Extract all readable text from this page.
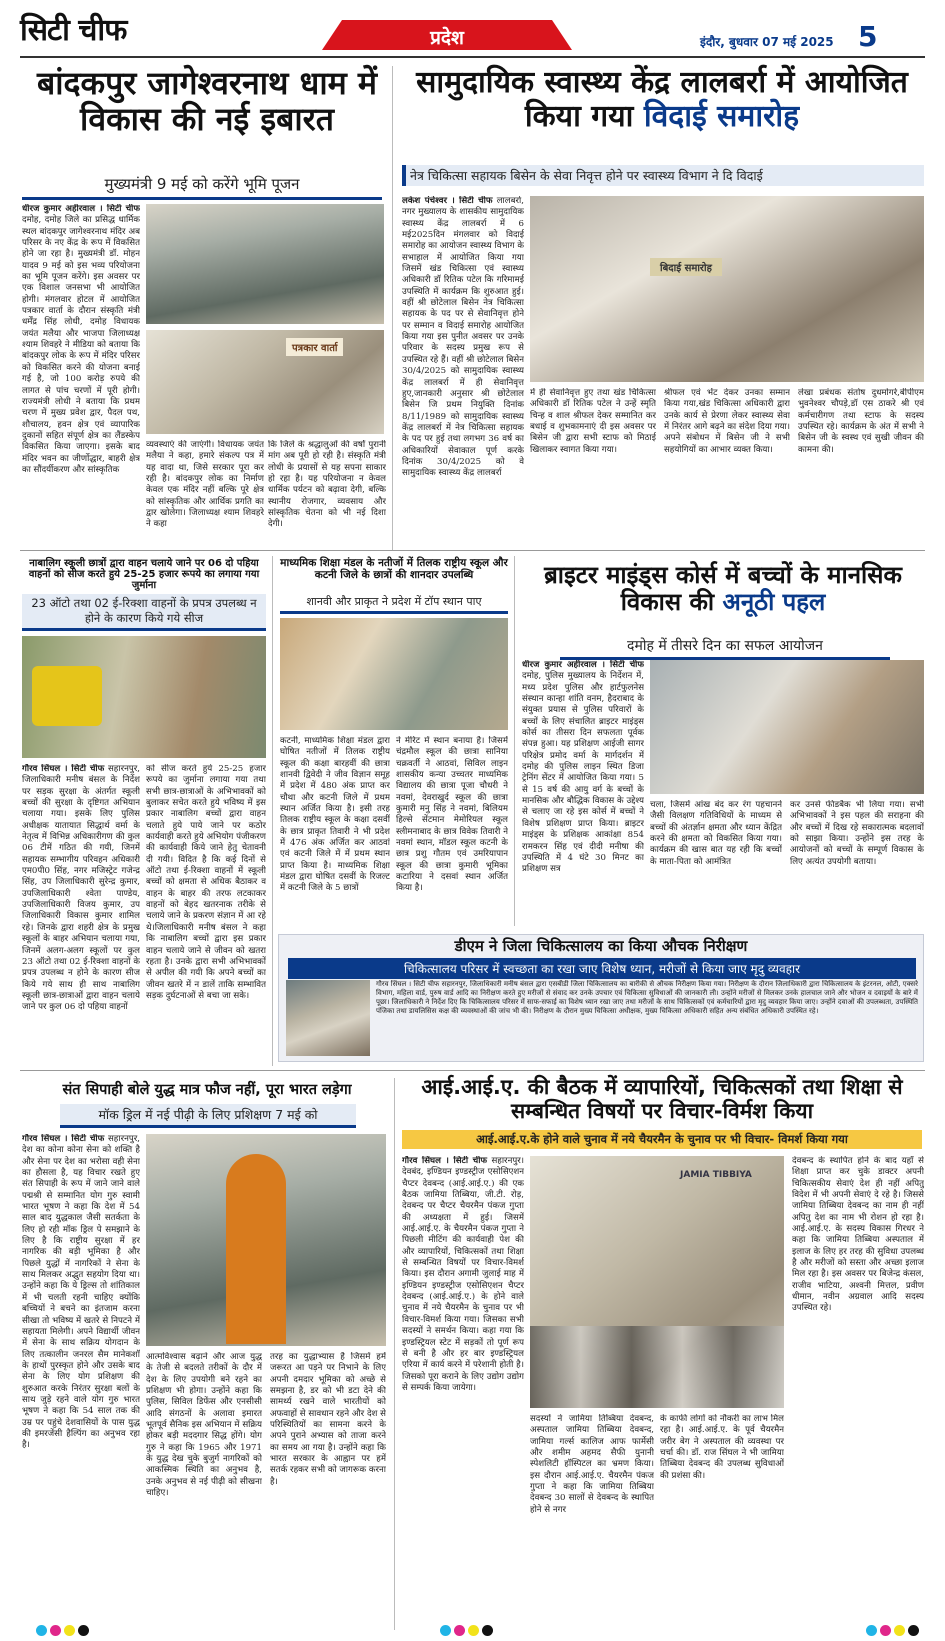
सिटी चीफ	प्रदेश	इंदौर, बुधवार 07 मई 2025 5
बांदकपुर जागेश्वरनाथ धाम में विकास की नई इबारत
मुख्यमंत्री 9 मई को करेंगे भूमि पूजन
धीरज कुमार अहीरवाल । सिटी चीफ दमोह, दमोह जिले का प्रसिद्ध धार्मिक स्थल बांदकपुर जागेश्वरनाथ मंदिर अब परिसर के नए केंद्र के रूप में विकसित होने जा रहा है। मुख्यमंत्री डॉ. मोहन यादव 9 मई को इस भव्य परियोजना का भूमि पूजन करेंगे। इस अवसर पर एक विशाल जनसभा भी आयोजित होगी। मंगलवार होटल में आयोजित पत्रकार वार्ता के दौरान संस्कृति मंत्री धर्मेंद्र सिंह लोधी, दमोह विधायक जयंत मलैया और भाजपा जिलाध्यक्ष श्याम शिवहरे ने मीडिया को बताया कि बांदकपुर लोक के रूप में मंदिर परिसर को विकसित करने की योजना बनाई गई है, जो 100 करोड़ रुपये की लागत से पांच चरणों में पूरी होगी। राज्यमंत्री लोधी ने बताया कि प्रथम चरण में मुख्य प्रवेश द्वार, पैदल पथ, शौचालय, हवन क्षेत्र एवं व्यापारिक दुकानों सहित संपूर्ण क्षेत्र का लैंडस्केप विकसित किया जाएगा। इसके बाद मंदिर भवन का जीर्णोद्धार, बाहरी क्षेत्र का सौंदर्यीकरण और सांस्कृतिक
पत्रकार वार्ता
व्यवस्थाएं की जाएंगी। विधायक जयंत मलैया ने कहा, हमारे संकल्प पत्र में यह वादा था, जिसे सरकार पूरा कर रही है। बांदकपुर लोक का निर्माण केवल एक मंदिर नहीं बल्कि पूरे क्षेत्र को सांस्कृतिक और आर्थिक प्रगति का द्वार खोलेगा। जिलाध्यक्ष श्याम शिवहरे ने कहा
कि जिले के श्रद्धालुओं की वर्षों पुरानी मांग अब पूरी हो रही है। संस्कृति मंत्री लोधी के प्रयासों से यह सपना साकार हो रहा है। यह परियोजना न केवल धार्मिक पर्यटन को बढ़ावा देगी, बल्कि स्थानीय रोजगार, व्यवसाय और सांस्कृतिक चेतना को भी नई दिशा देगी।
सामुदायिक स्वास्थ्य केंद्र लालबर्रा में आयोजित किया गया विदाई समारोह
नेत्र चिकित्सा सहायक बिसेन के सेवा निवृत्त होने पर स्वास्थ्य विभाग ने दि विदाई
लकेश पंचेश्वर । सिटी चीफ लालबर्रा, नगर मुख्यालय के शासकीय सामुदायिक स्वास्थ्य केंद्र लालबर्रा में 6 मई2025दिन मंगलवार को विदाई समारोह का आयोजन स्वास्थ्य विभाग के सभाहाल में आयोजित किया गया जिसमें खंड चिकित्सा एवं स्वास्थ्य अधिकारी डॉ रितिक पटेल कि गरिमामई उपस्थिति में कार्यक्रम कि शुरुआत हुई। वहीं श्री छोटेलाल बिसेन नेत्र चिकित्सा सहायक के पद पर से सेवानिवृत्त होने पर सम्मान व विदाई समारोह आयोजित किया गया इस पुनीत अवसर पर उनके परिवार के सदस्य प्रमुख रूप से उपस्थित रहे हैं। वहीं श्री छोटेलाल बिसेन 30/4/2025 को सामुदायिक स्वास्थ्य केंद्र लालबर्रा में ही सेवानिवृत्त हुए,जानकारी अनुसार श्री छोटेलाल बिसेन जि प्रथम नियुक्ति दिनांक 8/11/1989 को सामुदायिक स्वास्थ्य केंद्र लालबर्रा में नेत्र चिकित्सा सहायक के पद पर हुई तथा लगभग 36 वर्ष का अधिकारियों सेवाकाल पूर्ण करके दिनांक 30/4/2025 को वे सामुदायिक स्वास्थ्य केंद्र लालबर्रा
बिदाई समारोह
में ही सेवानिवृत्त हुए तथा खंड चिकित्सा अधिकारी डॉ रितिक पटेल ने उन्हें स्मृति चिन्ह व शाल श्रीफल देकर सम्मानित कर बधाई व शुभकामनाएं दी इस अवसर पर बिसेन जी द्वारा सभी स्टाफ को मिठाई खिलाकर स्वागत किया गया।
श्रीफल एवं भेंट देकर उनका सम्मान किया गया,खंड चिकित्सा अधिकारी द्वारा उनके कार्य से प्रेरणा लेकर स्वास्थ्य सेवा में निरंतर आगे बढ़ने का संदेश दिया गया। अपने संबोधन में बिसेन जी ने सभी सहयोगियों का आभार व्यक्त किया।
लेखा प्रबंधक संतोष दुधमोगरे,बीपीएम भुवनेश्वर चौपड़े,डॉ एस ठाकरे श्री एवं कर्मचारीगण तथा स्टाफ के सदस्य उपस्थित रहे। कार्यक्रम के अंत में सभी ने बिसेन जी के स्वस्थ एवं सुखी जीवन की कामना की।
नाबालिग स्कूली छात्रों द्वारा वाहन चलाये जाने पर 06 दो पहिया वाहनों को सीज करते हुये 25-25 हजार रूपये का लगाया गया जुर्माना
23 ऑटो तथा 02 ई-रिक्शा वाहनों के प्रपत्र उपलब्ध न होने के कारण किये गये सीज
गौरव सिंघल । सिटी चीफ सहारनपुर, जिलाधिकारी मनीष बंसल के निर्देश पर सड़क सुरक्षा के अंतर्गत स्कूली बच्चों की सुरक्षा के दृष्टिगत अभियान चलाया गया। इसके लिए पुलिस अधीक्षक यातायात सिद्धार्थ वर्मा के नेतृत्व में विभिन्न अधिकारीगण की कुल 06 टीमें गठित की गयी, जिनमें सहायक सम्भागीय परिवहन अधिकारी एम0पी0 सिंह, नगर मजिस्ट्रेट गजेन्द्र सिंह, उप जिलाधिकारी सुरेन्द्र कुमार, उपजिलाधिकारी श्वेता पाण्डेय, उपजिलाधिकारी विजय कुमार, उप जिलाधिकारी विकास कुमार शामिल रहे। जिनके द्वारा शहरी क्षेत्र के प्रमुख स्कूलों के बाहर अभियान चलाया गया, जिनमें अलग-अलग स्कूलों पर कुल 23 ऑटो तथा 02 ई-रिक्शा वाहनों के प्रपत्र उपलब्ध न होने के कारण सीज किये गये साथ ही साथ नाबालिग स्कूली छात्र-छात्राओं द्वारा वाहन चलाये जाने पर कुल 06 दो पहिया वाहनों
को सीज करते हुये 25-25 हजार रूपये का जुर्माना लगाया गया तथा सभी छात्र-छात्राओं के अभिभावकों को बुलाकर सचेत करते हुये भविष्य में इस प्रकार नाबालिग बच्चों द्वारा वाहन चलाते हुये पाये जाने पर कठोर कार्यवाही करते हुये अभियोग पंजीकरण की कार्यवाही किये जाने हेतु चेतावनी दी गयी। विदित है कि कई दिनों से ऑटो तथा ई-रिक्शा वाहनों में स्कूली बच्चों को क्षमता से अधिक बैठाकर व वाहन के बाहर की तरफ लटकाकर वाहनों को बेहद खतरनाक तरीके से चलाये जाने के प्रकरण संज्ञान में आ रहे थे।जिलाधिकारी मनीष बंसल ने कहा कि नाबालिग बच्चों द्वारा इस प्रकार वाहन चलाये जाने से जीवन को खतरा रहता है। उनके द्वारा सभी अभिभावकों से अपील की गयी कि अपने बच्चों का जीवन खतरे में न डालें ताकि सम्भावित सड़क दुर्घटनाओं से बचा जा सके।
माध्यमिक शिक्षा मंडल के नतीजों में तिलक राष्ट्रीय स्कूल और कटनी जिले के छात्रों की शानदार उपलब्धि
शानवी और प्राकृत ने प्रदेश में टॉप स्थान पाए
कटनी, माध्यमिक शिक्षा मंडल द्वारा घोषित नतीजों में तिलक राष्ट्रीय स्कूल की कक्षा बारहवीं की छात्रा शानवी द्विवेदी ने जीव विज्ञान समूह में प्रदेश में 480 अंक प्राप्त कर चौथा और कटनी जिले में प्रथम स्थान अर्जित किया है। इसी तरह तिलक राष्ट्रीय स्कूल के कक्षा दसवीं के छात्र प्राकृत तिवारी ने भी प्रदेश में 476 अंक अर्जित कर आठवां एवं कटनी जिले में में प्रथम स्थान प्राप्त किया है। माध्यमिक शिक्षा मंडल द्वारा घोषित दसवीं के रिजल्ट में कटनी जिले के 5 छात्रों
ने मेरिट में स्थान बनाया है। जिसमें चंद्रमौल स्कूल की छात्रा सानिया चक्रवर्ती ने आठवां, सिविल लाइन शासकीय कन्या उच्चतर माध्यमिक विद्यालय की छात्रा पूजा चौधरी ने नवमां, देवराखुर्द स्कूल की छात्रा कुमारी मनु सिंह ने नवमां, बिलियम हिल्से सेंटमान मेमोरियल स्कूल स्लीमनाबाद के छात्र विवेक तिवारी ने नवमां स्थान, मॉडल स्कूल कटनी के छात्र प्रशु गौतम एवं उमरियापान स्कूल की छात्रा कुमारी भूमिका कटारिया ने दसवां स्थान अर्जित किया है।
ब्राइटर माइंड्स कोर्स में बच्चों के मानसिक विकास की अनूठी पहल
दमोह में तीसरे दिन का सफल आयोजन
धीरज कुमार अहीरवाल । सिटी चीफ दमोह, पुलिस मुख्यालय के निर्देशन में, मध्य प्रदेश पुलिस और हार्टफुलनेस संस्थान कान्हा शांति वनम, हैदराबाद के संयुक्त प्रयास से पुलिस परिवारों के बच्चों के लिए संचालित ब्राइटर माइंड्स कोर्स का तीसरा दिन सफलता पूर्वक संपन्न हुआ। यह प्रशिक्षण आईजी सागर परिक्षेत्र प्रमोद वर्मा के मार्गदर्शन में दमोह की पुलिस लाइन स्थित डिजा ट्रेनिंग सेंटर में आयोजित किया गया। 5 से 15 वर्ष की आयु वर्ग के बच्चों के मानसिक और बौद्धिक विकास के उद्देश्य से चलाए जा रहे इस कोर्स में बच्चों ने विशेष प्रशिक्षण प्राप्त किया। ब्राइटर माइंड्स के प्रशिक्षक आकांक्षा 854 रामकरन सिंह एवं दीदी मनीषा की उपस्थिति में 4 घंटे 30 मिनट का प्रशिक्षण सत्र
चला, जिसमें आंख बंद कर रंग पहचानने जैसी विलक्षण गतिविधियों के माध्यम से बच्चों की अंतर्ज्ञान क्षमता और ध्यान केंद्रित करने की क्षमता को विकसित किया गया। कार्यक्रम की खास बात यह रही कि बच्चों के माता-पिता को आमंत्रित
कर उनसे फीडबैक भी लिया गया। सभी अभिभावकों ने इस पहल की सराहना की और बच्चों में दिख रहे सकारात्मक बदलावों को साझा किया। उन्होंने इस तरह के आयोजनों को बच्चों के सम्पूर्ण विकास के लिए अत्यंत उपयोगी बताया।
डीएम ने जिला चिकित्सालय का किया औचक निरीक्षण
चिकित्सालय परिसर में स्वच्छता का रखा जाए विशेष ध्यान, मरीजों से किया जाए मृदु व्यवहार
गौरव सिंघल । सिटी चीफ सहारनपुर, जिलाधिकारी मनीष बंसल द्वारा एसबीडी जिला चिकित्सालय का बारीकी से औचक निरीक्षण किया गया। निरीक्षण के दौरान जिलाधिकारी द्वारा चिकित्सालय के इंटरनल, ओटी, एक्सरे विभाग, महिला वार्ड, पुरुष वार्ड आदि का निरीक्षण करते हुए मरीजों से संवाद कर उनके उपचार एवं चिकित्सा सुविधाओं की जानकारी ली। उन्होंने मरीजों से मिलकर उनके हालचाल जाने और भोजन व दवाइयों के बारे में पूछा। जिलाधिकारी ने निर्देश दिए कि चिकित्सालय परिसर में साफ-सफाई का विशेष ध्यान रखा जाए तथा मरीजों के साथ चिकित्सकों एवं कर्मचारियों द्वारा मृदु व्यवहार किया जाए। उन्होंने दवाओं की उपलब्धता, उपस्थिति पंजिका तथा डायलिसिस कक्ष की व्यवस्थाओं की जांच भी की। निरीक्षण के दौरान मुख्य चिकित्सा अधीक्षक, मुख्य चिकित्सा अधिकारी सहित अन्य संबंधित अधिकारी उपस्थित रहे।
संत सिपाही बोले युद्ध मात्र फौज नहीं, पूरा भारत लड़ेगा
मॉक ड्रिल में नई पीढ़ी के लिए प्रशिक्षण 7 मई को
गौरव सिंघल । सिटी चीफ सहारनपुर, देश का कोना कोना सेना को शक्ति है और सेना पर देश का भरोसा वही सेना का हौसला है, यह विचार रखते हुए संत सिपाही के रूप में जाने जाने वाले पद्मश्री से सम्मानित योग गुरु स्वामी भारत भूषण ने कहा कि देश में 54 साल बाद युद्धकाल जैसी सतर्कता के लिए हो रही मॉक ड्रिल पे समझाने के लिए है कि राष्ट्रीय सुरक्षा में हर नागरिक की बड़ी भूमिका है और पिछले युद्धों में नागरिकों ने सेना के साथ मिलकर अद्भुत सहयोग दिया था। उन्होंने कहा कि ये ड्रिल्स तो शांतिकाल में भी चलती रहनी चाहिए क्योंकि बच्चियों ने बचने का इंतजाम करना सीखा तो भविष्य में खतरे से निपटने में सहायता मिलेगी। अपने विद्यार्थी जीवन में सेना के साथ सक्रिय योगदान के लिए तत्कालीन जनरल सैम मानेकशॉ के हाथों पुरस्कृत होने और उसके बाद सेना के लिए योग प्रशिक्षण की शुरुआत करके निरंतर सुरक्षा बलों के साथ जुड़े रहने वाले योग गुरु भारत भूषण ने कहा कि 54 साल तक की उम्र पर पहुंचे देशवासियों के पास युद्ध की इमरजेंसी हैल्पिंग का अनुभव रहा है।
आत्मविश्वास बढ़ाने और आज युद्ध के तेजी से बदलते तरीकों के दौर में देश के लिए उपयोगी बने रहने का प्रशिक्षण भी होगा। उन्होंने कहा कि पुलिस, सिविल डिफेंस और एनसीसी आदि संगठनों के अलावा इमारत भूतपूर्व सैनिक इस अभियान में सक्रिय होकर बड़ी मददगार सिद्ध होंगे। योग गुरु ने कहा कि 1965 और 1971 के युद्ध देख चुके बुजुर्ग नागरिकों को आकस्मिक स्थिति का अनुभव है, उनके अनुभव से नई पीढ़ी को सीखना चाहिए।
तरह का युद्धाभ्यास है जिसमें हमें जरूरत आ पड़ने पर निभाने के लिए अपनी दमदार भूमिका को अच्छे से समझना है, डर को भी डटा देने की सामर्थ्य रखने वाले भारतीयों को अफवाहों से सावधान रहने और देश से परिस्थितियों का सामना करने के अपने पुराने अभ्यास को ताजा करने का समय आ गया है। उन्होंने कहा कि भारत सरकार के आह्वान पर हमें सतर्क रहकर सभी को जागरूक करना है।
आई.आई.ए. की बैठक में व्यापारियों, चिकित्सकों तथा शिक्षा से सम्बन्धित विषयों पर विचार-विर्मश किया
आई.आई.ए.के होने वाले चुनाव में नये चैयरमैन के चुनाव पर भी विचार- विमर्श किया गया
गौरव सिंघल । सिटी चीफ सहारनपुर। देवबंद, इण्डियन इण्डस्ट्रीज एसोसिएशन चैप्टर देवबन्द (आई.आई.ए.) की एक बैठक जामिया तिब्बिया, जी.टी. रोड़, देवबन्द पर चैप्टर चैयरमैन पंकज गुप्ता की अध्यक्षता में हुई। जिसमें आई.आई.ए. के चैयरमैन पंकज गुप्ता ने पिछली मीटिंग की कार्यवाही पेश की और व्यापारियों, चिकित्सकों तथा शिक्षा से सम्बन्धित विषयों पर विचार-विमर्श किया। इस दौरान अगामी जुलाई माह में इण्डियन इण्डस्ट्रीज एसोसिएशन चैप्टर देवबन्द (आई.आई.ए.) के होने वाले चुनाव में नये चैयरमैन के चुनाव पर भी विचार-विमर्श किया गया। जिसका सभी सदस्यों ने समर्थन किया। कहा गया कि इण्डस्ट्रियल स्टेट में सड़कों तो पूर्ण रूप से बनी है और हर बार इण्डस्ट्रियल एरिया में कार्य करने में परेशानी होती है। जिसको पूरा कराने के लिए उद्योग उद्योग से सम्पर्क किया जायेगा।
JAMIA TIBBIYA
सदस्यों ने जामिया तिब्बिया देवबन्द, अस्पताल जामिया तिब्बिया देवबन्द, जामिया गर्ल्स कालिज आफ फार्मेसी और शमीम अहमद सैफी युनानी स्पेशलिटी हॉस्पिटल का भ्रमण किया। इस दौरान आई.आई.ए. चैयरमैन पंकज गुप्ता ने कहा कि जामिया तिब्बिया देवबन्द 30 सालों से देवबन्द के स्थापित होने से नगर
के काफी लोगों को नौकरी का लाभ मिल रहा है। आई.आई.ए. के पूर्व चैयरमैन जरीर बेग ने अस्पताल की व्यवस्था पर चर्चा की। डॉ. राज सिंघल ने भी जामिया तिब्बिया देवबन्द की उपलब्ध सुविधाओं की प्रशंसा की।
देवबन्द के स्थापित होने के बाद यहाँ से शिक्षा प्राप्त कर चुके डाक्टर अपनी चिकित्सकीय सेवाएं देश ही नहीं अपितु विदेश में भी अपनी सेवाएं दे रहे है। जिससे जामिया तिब्बिया देवबन्द का नाम ही नहीं अपितु देश का नाम भी रोशन हो रहा है। आई.आई.ए. के सदस्य विकास गिरधर ने कहा कि जामिया तिब्बिया अस्पताल में इलाज के लिए हर तरह की सुविधा उपलब्ध है और मरीजों को सस्ता और अच्छा इलाज मिल रहा है। इस अवसर पर बिजेन्द्र कंसल, राजीव भाटिया, अश्वनी मित्तल, प्रवीण धीमान, नवीन अग्रवाल आदि सदस्य उपस्थित रहे।
